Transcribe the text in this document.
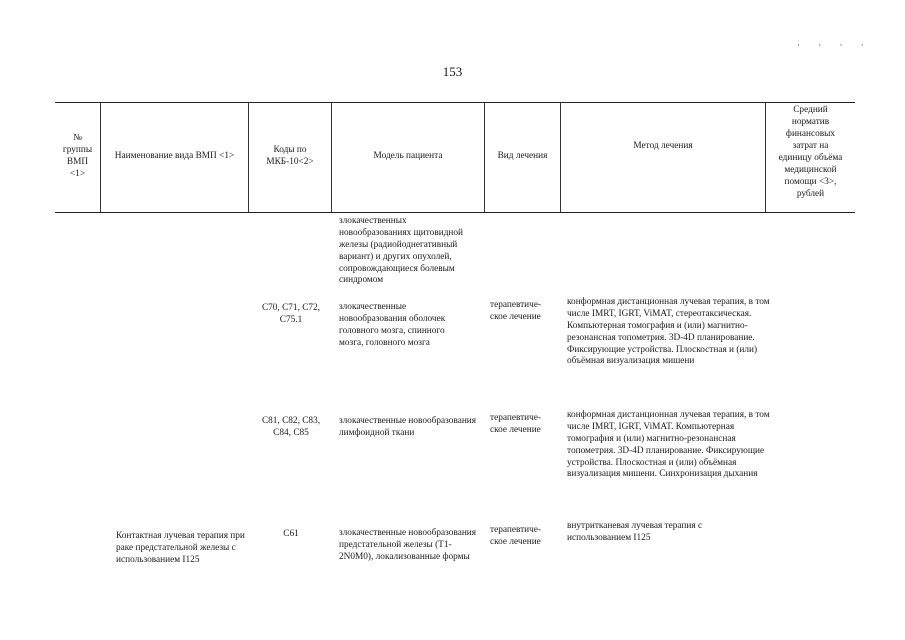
153
· · · ·
№ группы ВМП <1>
Наименование вида ВМП <1>
Коды по МКБ-10<2>
Модель пациента	Вид лечения
Метод лечения
Средний норматив финансовых затрат на единицу объёма медицинской помощи <3>, рублей
злокачественных новообразованиях щитовидной железы (радиойоднегативный вариант) и других опухолей, сопровождающиеся болевым синдромом
C70, C71, C72, C75.1
злокачественные новообразования оболочек головного мозга, спинного мозга, головного мозга
терапевтиче-ское лечение
конформная дистанционная лучевая терапия, в том числе IMRT, IGRT, ViMAT, стереотаксическая. Компьютерная томография и (или) магнитно-резонансная топометрия. 3D-4D планирование. Фиксирующие устройства. Плоскостная и (или) объёмная визуализация мишени
C81, C82, C83, C84, C85
злокачественные новообразования лимфоидной ткани
терапевтиче-ское лечение
конформная дистанционная лучевая терапия, в том числе IMRT, IGRT, ViMAT. Компьютерная томография и (или) магнитно-резонансная топометрия. 3D-4D планирование. Фиксирующие устройства. Плоскостная и (или) объёмная визуализация мишени. Синхронизация дыхания
Контактная лучевая терапия при раке предстательной железы с использованием I125
C61	злокачественные новообразования предстательной железы (T1-2N0M0), локализованные формы
терапевтиче-ское лечение
внутритканевая лучевая терапия с использованием I125
